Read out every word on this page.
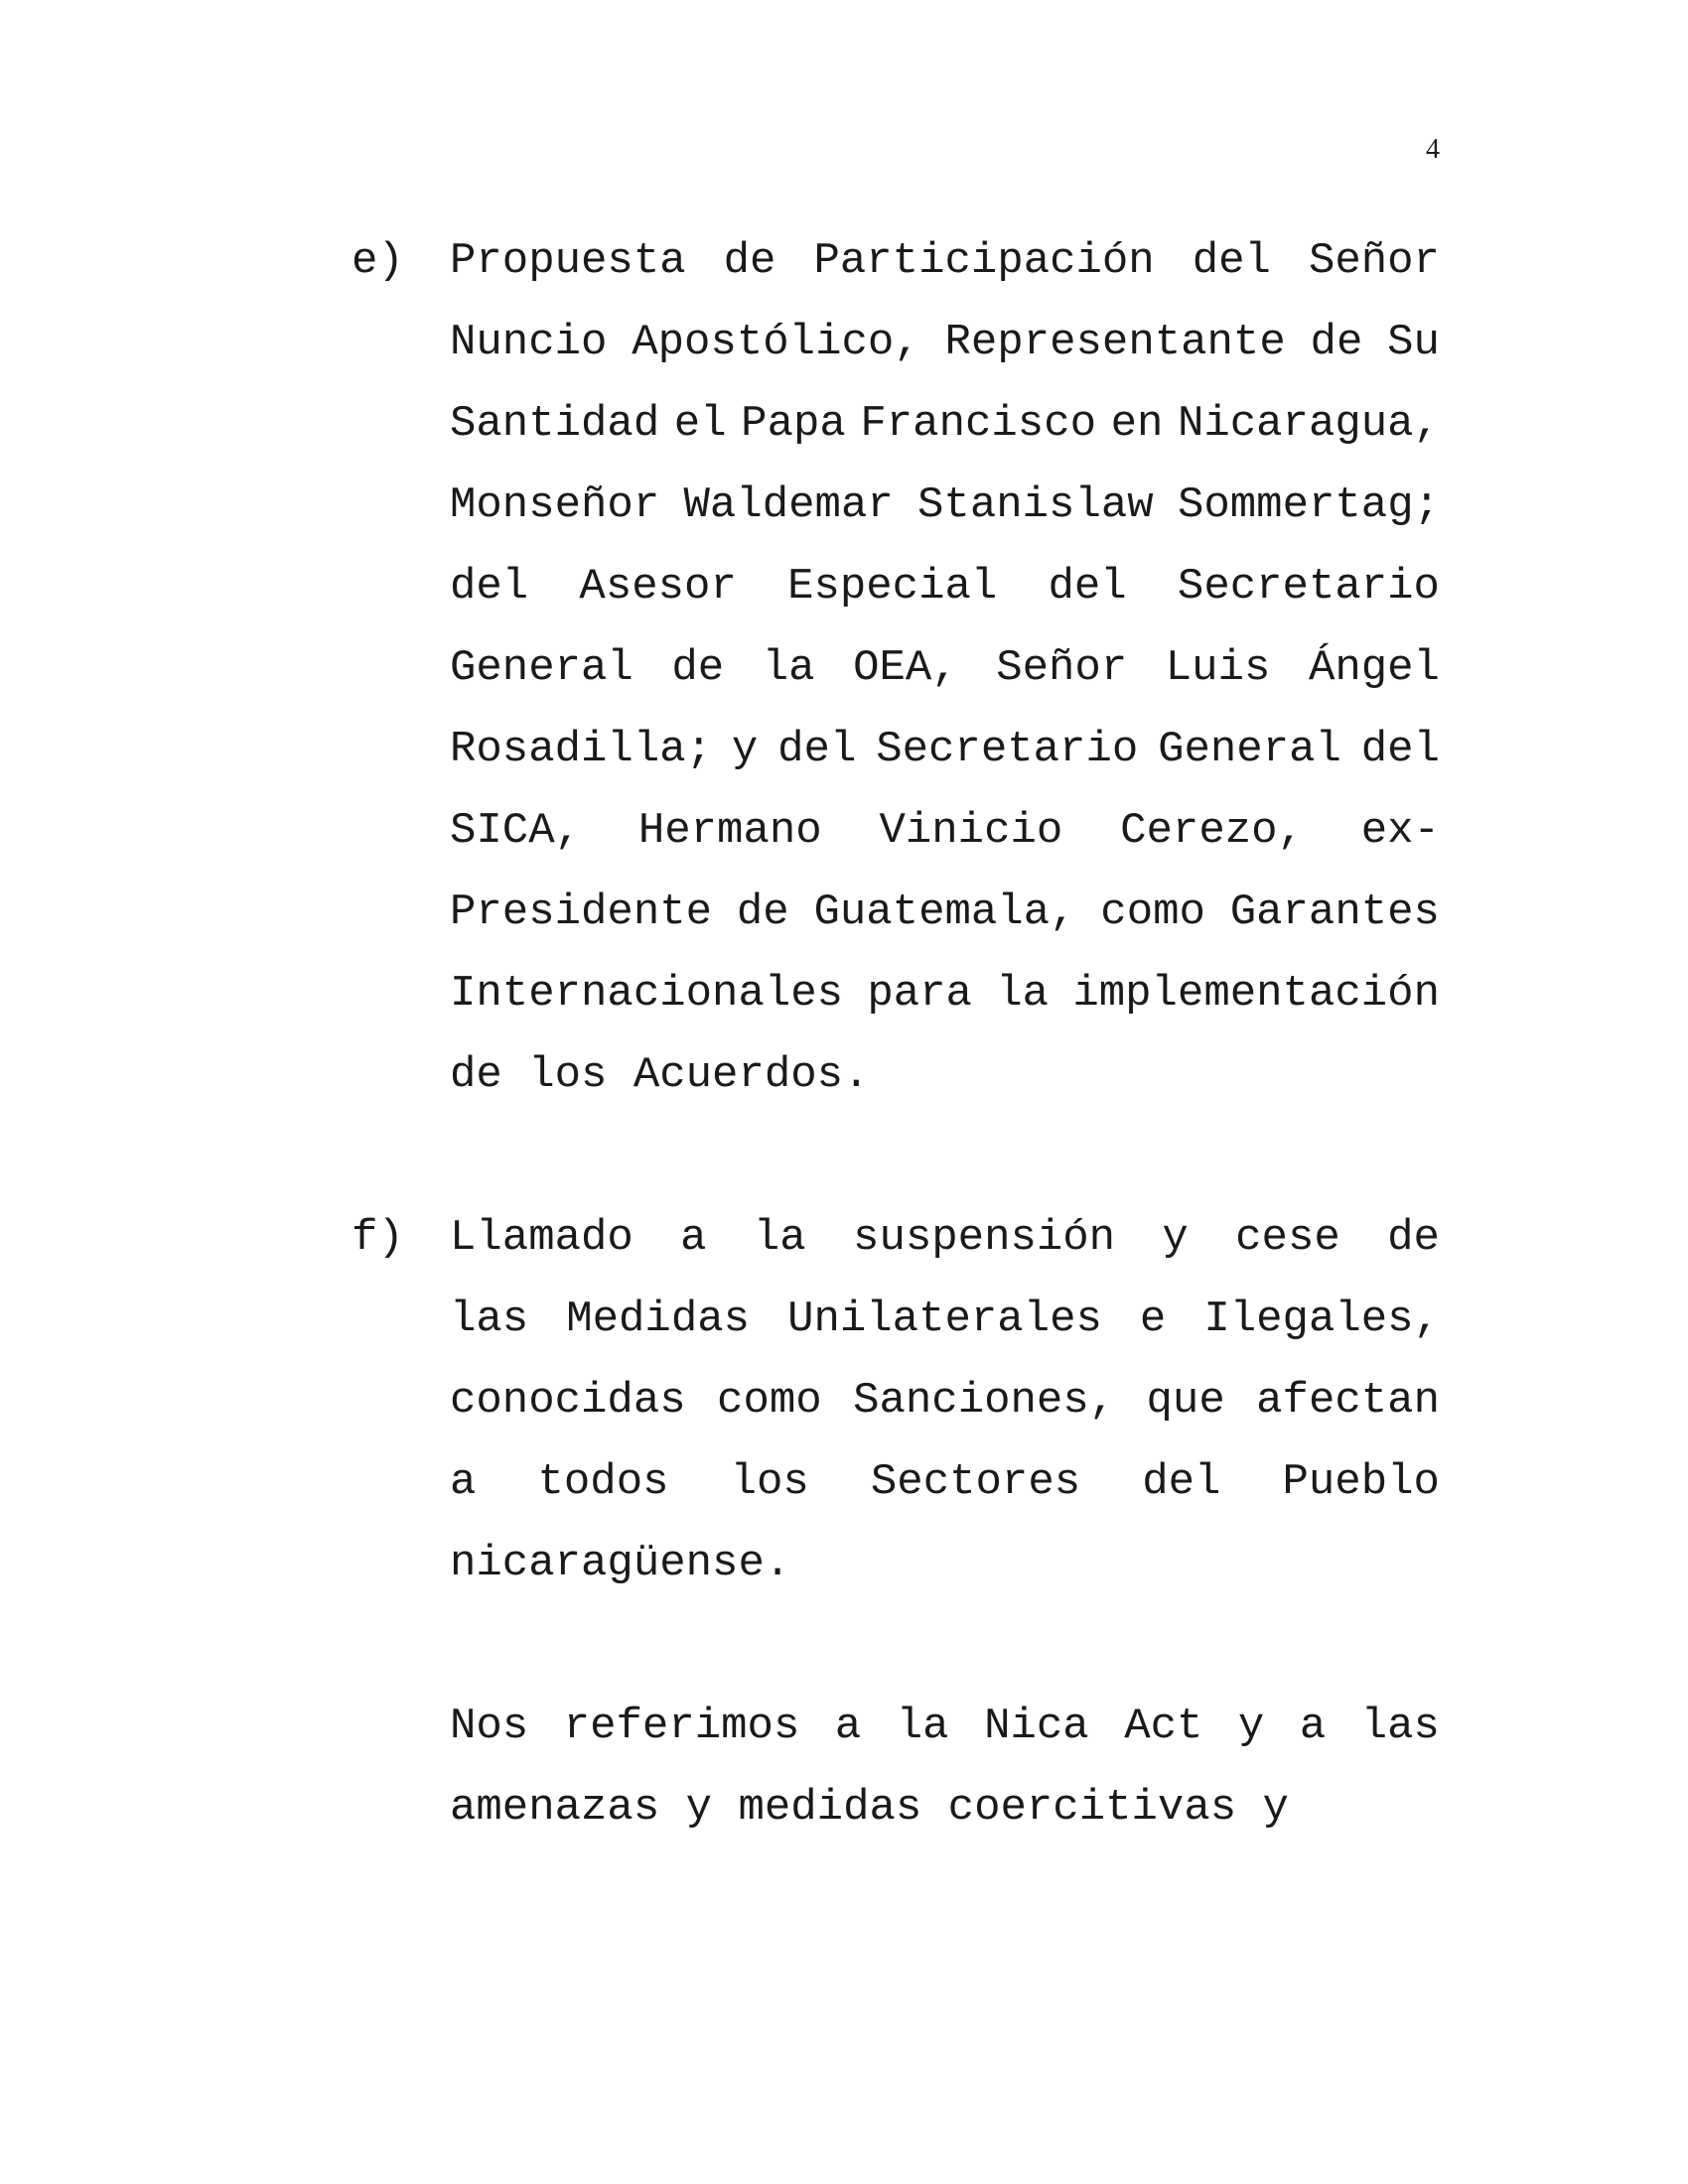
4
e) Propuesta de Participación del Señor
Nuncio Apostólico, Representante de Su
Santidad el Papa Francisco en Nicaragua,
Monseñor Waldemar Stanislaw Sommertag;
del Asesor Especial del Secretario
General de la OEA, Señor Luis Ángel
Rosadilla; y del Secretario General del
SICA, Hermano Vinicio Cerezo, ex-
Presidente de Guatemala, como Garantes
Internacionales para la implementación
de los Acuerdos.
f) Llamado a la suspensión y cese de
las Medidas Unilaterales e Ilegales,
conocidas como Sanciones, que afectan
a todos los Sectores del Pueblo
nicaragüense.
Nos referimos a la Nica Act y a las
amenazas y medidas coercitivas y
